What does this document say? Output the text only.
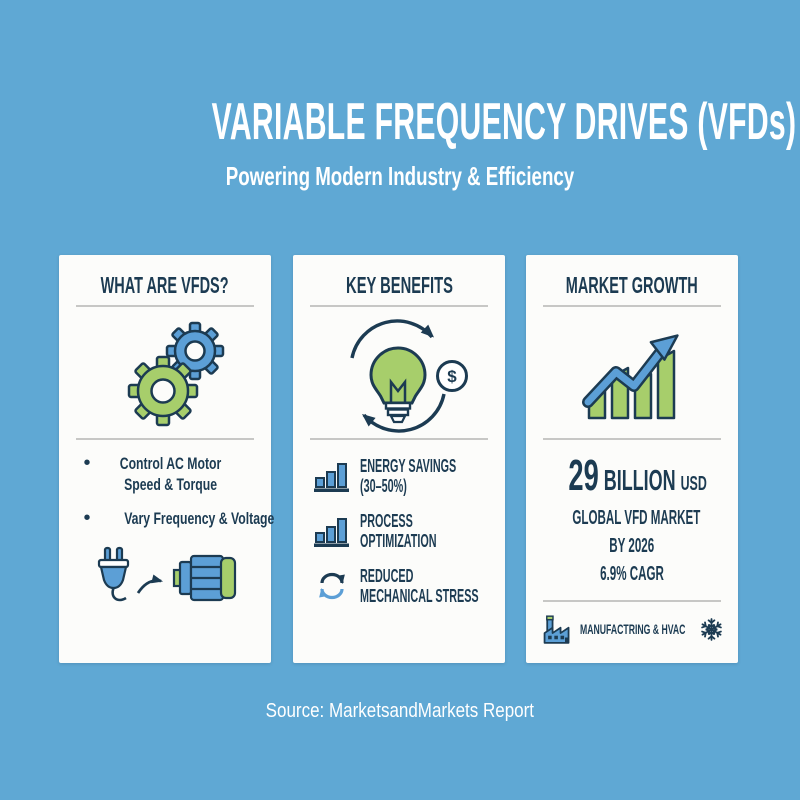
VARIABLE FREQUENCY DRIVES (VFDs)
Powering Modern Industry & Efficiency
WHAT ARE VFDS?
•	Control AC Motor
Speed & Torque
•	Vary Frequency & Voltage
KEY BENEFITS
$
ENERGY SAVINGS
(30–50%)
PROCESS
OPTIMIZATION
REDUCED
MECHANICAL STRESS
MARKET GROWTH
29 BILLION USD
GLOBAL VFD MARKET
BY 2026
6.9% CAGR
MANUFACTRING & HVAC
Source: MarketsandMarkets Report
